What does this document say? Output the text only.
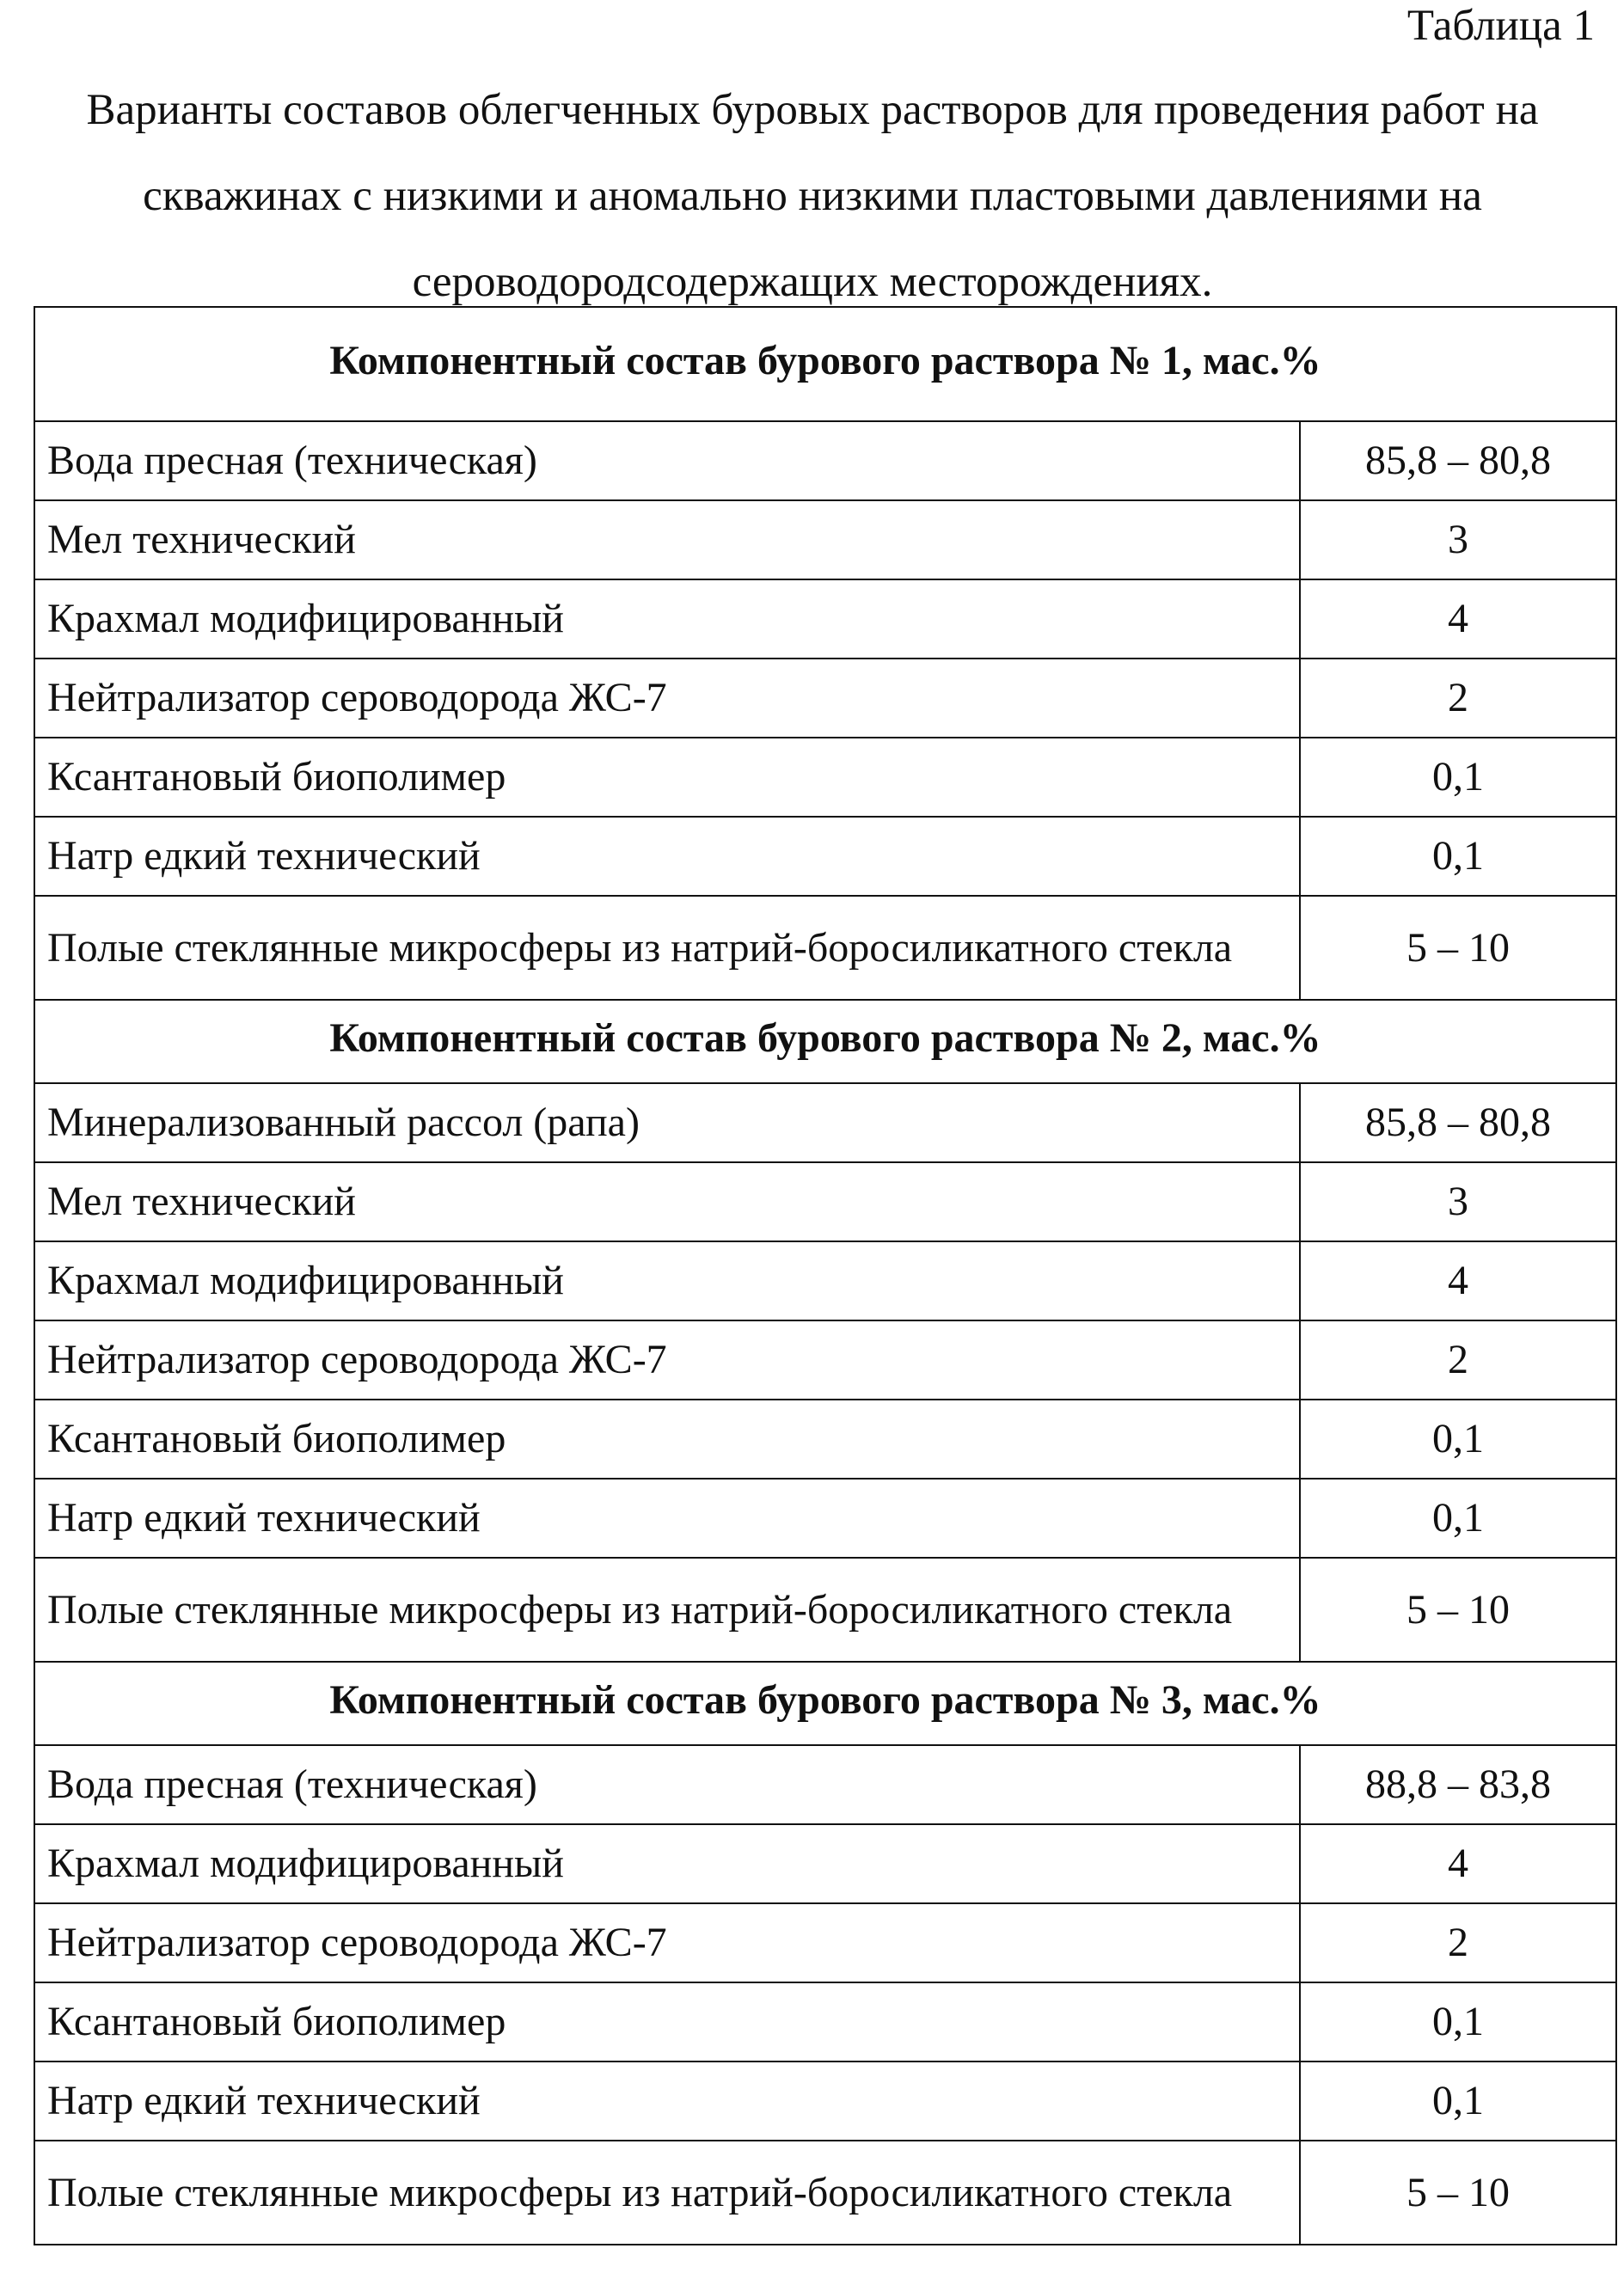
Таблица 1
Варианты составов облегченных буровых растворов для проведения работ на
скважинах с низкими и аномально низкими пластовыми давлениями на
сероводородсодержащих месторождениях.
Компонентный состав бурового раствора № 1, мас.%	
Вода пресная (техническая)	85,8 – 80,8
Мел технический	3
Крахмал модифицированный	4
Нейтрализатор сероводорода ЖС-7	2
Ксантановый биополимер	0,1
Натр едкий технический	0,1
Полые стеклянные микросферы из натрий-боросиликатного стекла	5 – 10
Компонентный состав бурового раствора № 2, мас.%	
Минерализованный рассол (рапа)	85,8 – 80,8
Мел технический	3
Крахмал модифицированный	4
Нейтрализатор сероводорода ЖС-7	2
Ксантановый биополимер	0,1
Натр едкий технический	0,1
Полые стеклянные микросферы из натрий-боросиликатного стекла	5 – 10
Компонентный состав бурового раствора № 3, мас.%	
Вода пресная (техническая)	88,8 – 83,8
Крахмал модифицированный	4
Нейтрализатор сероводорода ЖС-7	2
Ксантановый биополимер	0,1
Натр едкий технический	0,1
Полые стеклянные микросферы из натрий-боросиликатного стекла	5 – 10
